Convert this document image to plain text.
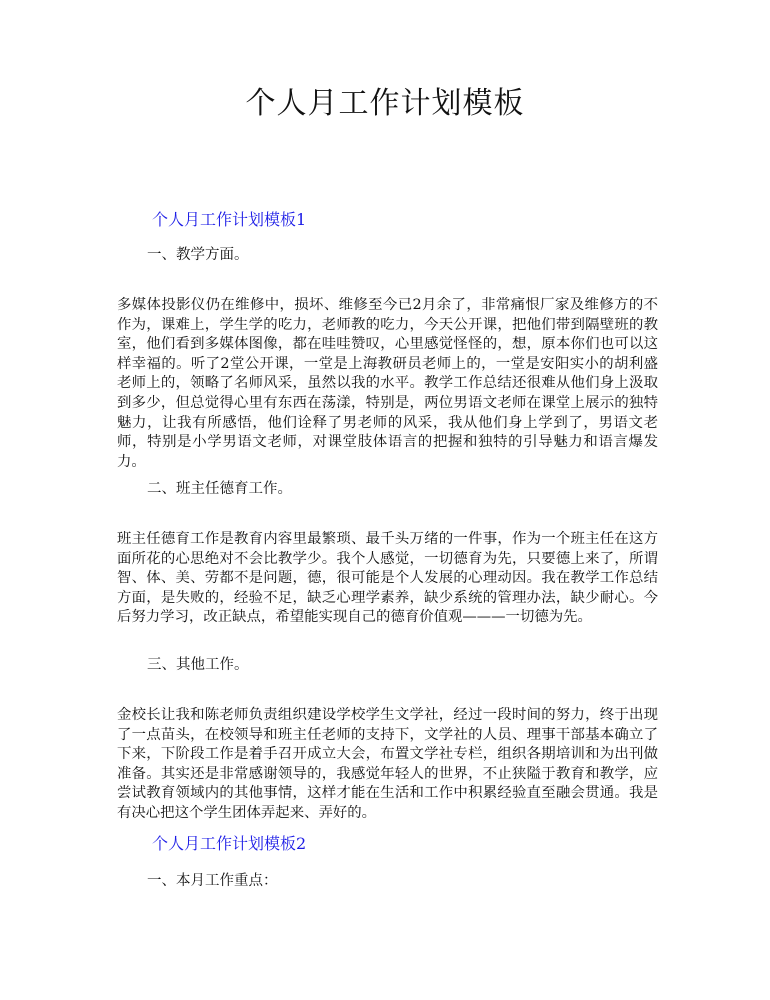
个人月工作计划模板
个人月工作计划模板1
一、教学方面。

多媒体投影仪仍在维修中，损坏、维修至今已2月余了，非常痛恨厂家及维修方的不作为，课难上，学生学的吃力，老师教的吃力，今天公开课，把他们带到隔壁班的教室，他们看到多媒体图像，都在哇哇赞叹，心里感觉怪怪的，想，原本你们也可以这样幸福的。听了2堂公开课，一堂是上海教研员老师上的，一堂是安阳实小的胡利盛老师上的，领略了名师风采，虽然以我的水平。教学工作总结还很难从他们身上汲取到多少，但总觉得心里有东西在荡漾，特别是，两位男语文老师在课堂上展示的独特魅力，让我有所感悟，他们诠释了男老师的风采，我从他们身上学到了，男语文老师，特别是小学男语文老师，对课堂肢体语言的把握和独特的引导魅力和语言爆发力。

二、班主任德育工作。

班主任德育工作是教育内容里最繁琐、最千头万绪的一件事，作为一个班主任在这方面所花的心思绝对不会比教学少。我个人感觉，一切德育为先，只要德上来了，所谓智、体、美、劳都不是问题，德，很可能是个人发展的心理动因。我在教学工作总结方面，是失败的，经验不足，缺乏心理学素养，缺少系统的管理办法，缺少耐心。今后努力学习，改正缺点，希望能实现自己的德育价值观———一切德为先。

三、其他工作。

金校长让我和陈老师负责组织建设学校学生文学社，经过一段时间的努力，终于出现了一点苗头，在校领导和班主任老师的支持下，文学社的人员、理事干部基本确立了下来，下阶段工作是着手召开成立大会，布置文学社专栏，组织各期培训和为出刊做准备。其实还是非常感谢领导的，我感觉年轻人的世界，不止狭隘于教育和教学，应尝试教育领域内的其他事情，这样才能在生活和工作中积累经验直至融会贯通。我是有决心把这个学生团体弄起来、弄好的。

个人月工作计划模板2
一、本月工作重点：
